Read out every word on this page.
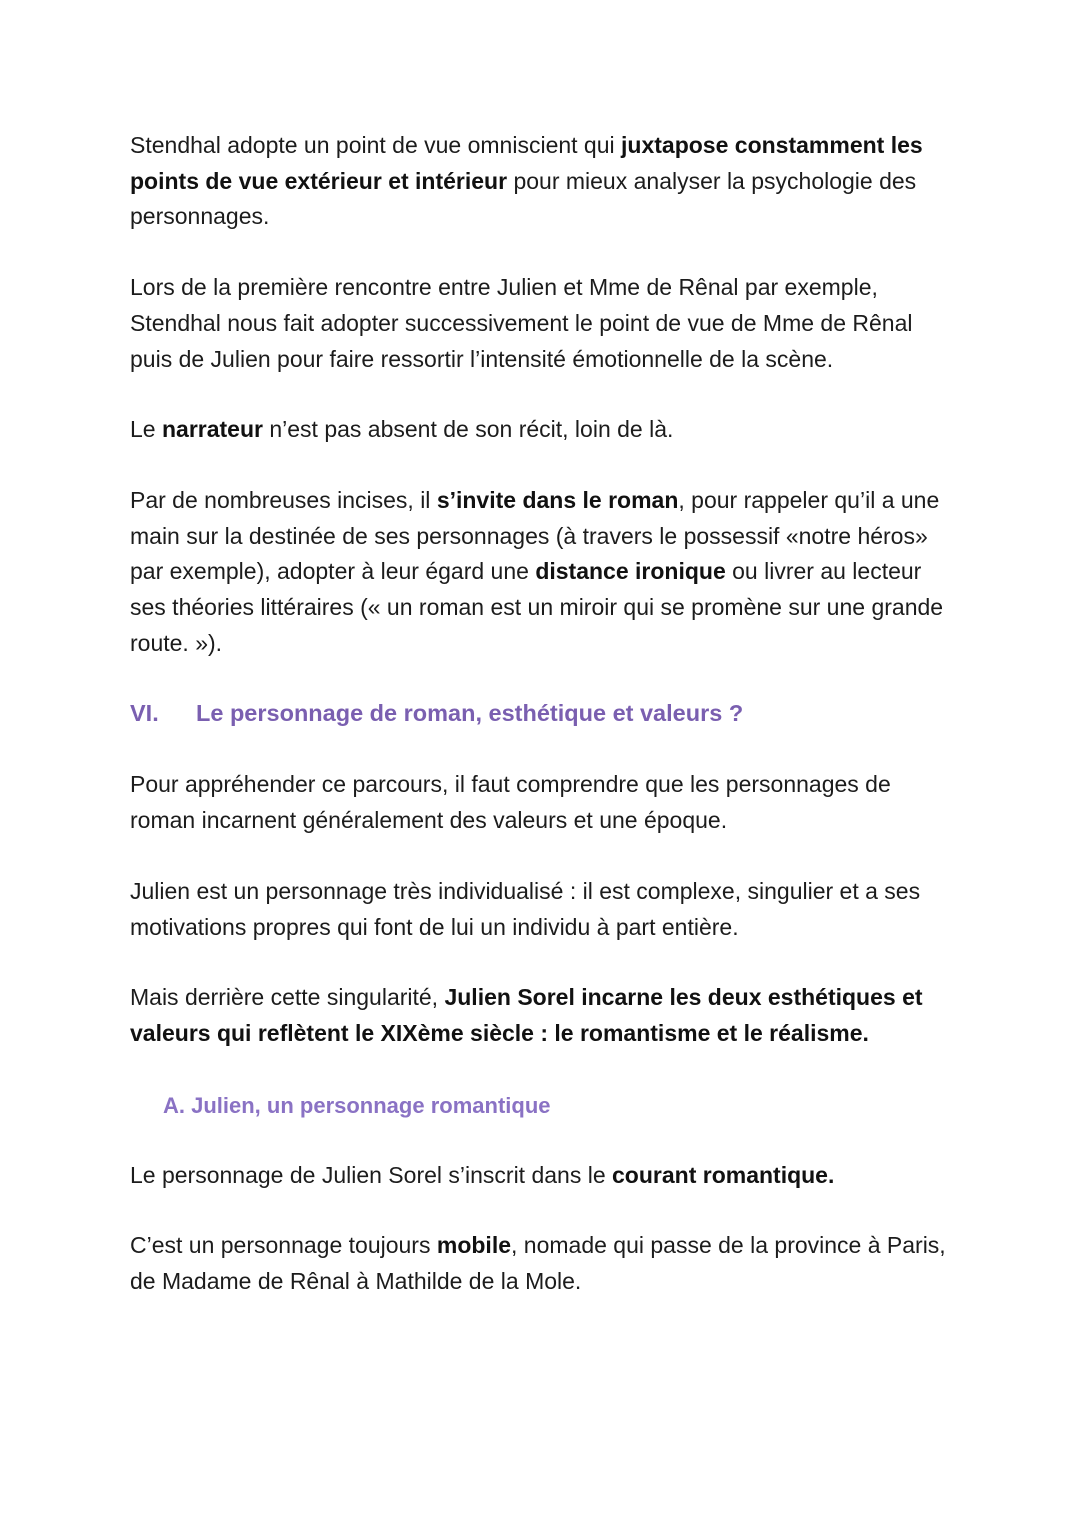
Stendhal adopte un point de vue omniscient qui juxtapose constamment les points de vue extérieur et intérieur pour mieux analyser la psychologie des personnages.

Lors de la première rencontre entre Julien et Mme de Rênal par exemple, Stendhal nous fait adopter successivement le point de vue de Mme de Rênal puis de Julien pour faire ressortir l’intensité émotionnelle de la scène.

Le narrateur n’est pas absent de son récit, loin de là.

Par de nombreuses incises, il s’invite dans le roman, pour rappeler qu’il a une main sur la destinée de ses personnages (à travers le possessif «notre héros» par exemple), adopter à leur égard une distance ironique ou livrer au lecteur ses théories littéraires (« un roman est un miroir qui se promène sur une grande route. »).

VI.	Le personnage de roman, esthétique et valeurs ?

Pour appréhender ce parcours, il faut comprendre que les personnages de roman incarnent généralement des valeurs et une époque.

Julien est un personnage très individualisé : il est complexe, singulier et a ses motivations propres qui font de lui un individu à part entière.

Mais derrière cette singularité, Julien Sorel incarne les deux esthétiques et valeurs qui reflètent le XIXème siècle : le romantisme et le réalisme.

A. Julien, un personnage romantique

Le personnage de Julien Sorel s’inscrit dans le courant romantique.

C’est un personnage toujours mobile, nomade qui passe de la province à Paris, de Madame de Rênal à Mathilde de la Mole.
